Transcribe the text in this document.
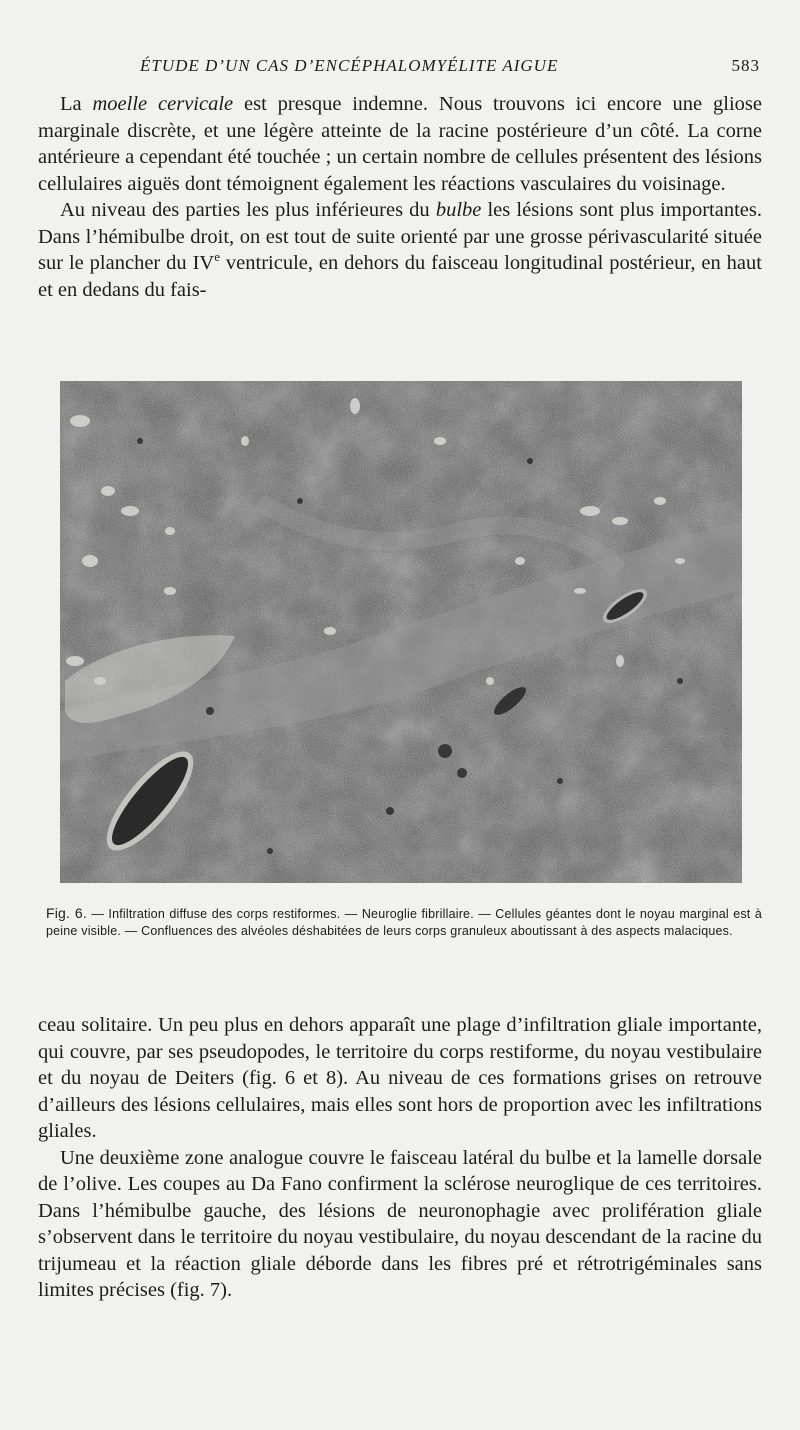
ÉTUDE D’UN CAS D’ENCÉPHALOMYÉLITE AIGUE	583

La moelle cervicale est presque indemne. Nous trouvons ici encore une gliose marginale discrète, et une légère atteinte de la racine postérieure d’un côté. La corne antérieure a cependant été touchée ; un certain nombre de cellules présentent des lésions cellulaires aiguës dont témoignent également les réactions vasculaires du voisinage.

Au niveau des parties les plus inférieures du bulbe les lésions sont plus importantes. Dans l’hémibulbe droit, on est tout de suite orienté par une grosse périvascularité située sur le plancher du IVe ventricule, en dehors du faisceau longitudinal postérieur, en haut et en dedans du fais-

Fig. 6. — Infiltration diffuse des corps restiformes. — Neuroglie fibrillaire. — Cellules géantes dont le noyau marginal est à peine visible. — Confluences des alvéoles déshabitées de leurs corps granuleux aboutissant à des aspects malaciques.

ceau solitaire. Un peu plus en dehors apparaît une plage d’infiltration gliale importante, qui couvre, par ses pseudopodes, le territoire du corps restiforme, du noyau vestibulaire et du noyau de Deiters (fig. 6 et 8). Au niveau de ces formations grises on retrouve d’ailleurs des lésions cellulaires, mais elles sont hors de proportion avec les infiltrations gliales.

Une deuxième zone analogue couvre le faisceau latéral du bulbe et la lamelle dorsale de l’olive. Les coupes au Da Fano confirment la sclérose neuroglique de ces territoires. Dans l’hémibulbe gauche, des lésions de neuronophagie avec prolifération gliale s’observent dans le territoire du noyau vestibulaire, du noyau descendant de la racine du trijumeau et la réaction gliale déborde dans les fibres pré et rétrotrigéminales sans limites précises (fig. 7).
